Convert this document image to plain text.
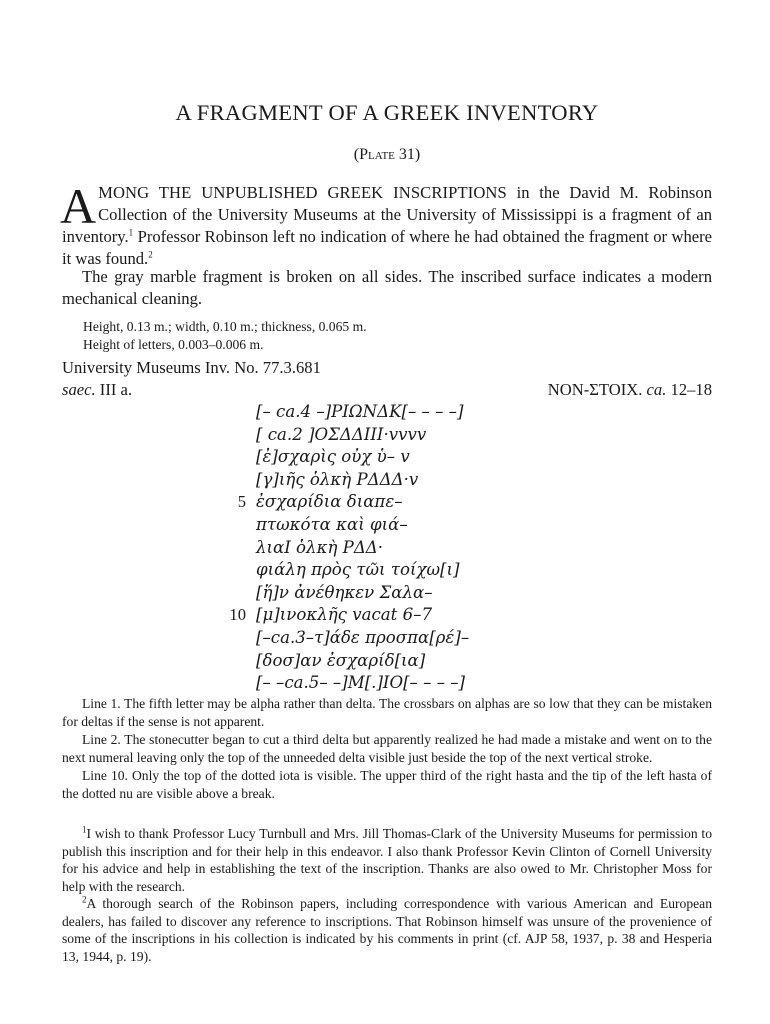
A FRAGMENT OF A GREEK INVENTORY

(Plate 31)

AMONG THE UNPUBLISHED GREEK INSCRIPTIONS in the David M. Robinson Collection of the University Museums at the University of Mississippi is a fragment of an inventory.$^1$ Professor Robinson left no indication of where he had obtained the fragment or where it was found.$^2$

The gray marble fragment is broken on all sides. The inscribed surface indicates a modern mechanical cleaning.

Height, 0.13 m.; width, 0.10 m.; thickness, 0.065 m.
Height of letters, 0.003–0.006 m.

University Museums Inv. No. 77.3.681

saec. III a.	NON-ΣΤΟΙΧ. ca. 12–18

[– ca.4 –]ΡΙΩΝΔΚ[– – – –]
[ ca.2 ]ΟΣΔΔΙΙΙ·vvvv
[ἐ]σχαρὶς οὐχ ὑ– v
[γ]ιῆς ὁλκὴ ΡΔΔΔ·v
5 ἐσχαρίδια διαπε–
πτωκότα καὶ φιά–
λιαΙ ὁλκὴ ΡΔΔ·
φιάλη πρὸς τῶι τοίχω[ι]
[ἥ]ν ἀνέθηκεν Σαλα–
10 [μ]ινοκλῆς vacat 6–7
[–ca.3–τ]άδε προσπα[ρέ]–
[δοσ]αν ἐσχαρίδ[ια]
[– –ca.5– –]Μ[.]ΙΟ[– – – –]

Line 1. The fifth letter may be alpha rather than delta. The crossbars on alphas are so low that they can be mistaken for deltas if the sense is not apparent.

Line 2. The stonecutter began to cut a third delta but apparently realized he had made a mistake and went on to the next numeral leaving only the top of the unneeded delta visible just beside the top of the next vertical stroke.

Line 10. Only the top of the dotted iota is visible. The upper third of the right hasta and the tip of the left hasta of the dotted nu are visible above a break.

$^1$I wish to thank Professor Lucy Turnbull and Mrs. Jill Thomas-Clark of the University Museums for permission to publish this inscription and for their help in this endeavor. I also thank Professor Kevin Clinton of Cornell University for his advice and help in establishing the text of the inscription. Thanks are also owed to Mr. Christopher Moss for help with the research.

$^2$A thorough search of the Robinson papers, including correspondence with various American and European dealers, has failed to discover any reference to inscriptions. That Robinson himself was unsure of the provenience of some of the inscriptions in his collection is indicated by his comments in print (cf. AJP 58, 1937, p. 38 and Hesperia 13, 1944, p. 19).
